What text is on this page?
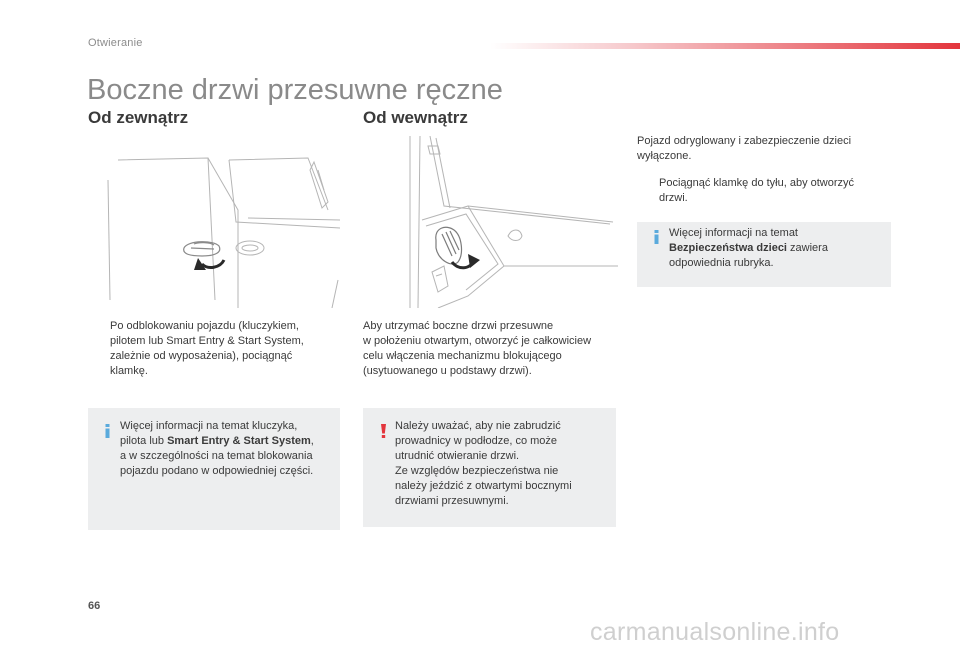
Otwieranie
Boczne drzwi przesuwne ręczne
Od zewnątrz	Od wewnątrz
Po odblokowaniu pojazdu (kluczykiem,
pilotem lub Smart Entry & Start System,
zależnie od wyposażenia), pociągnąć
klamkę.
Więcej informacji na temat kluczyka,
pilota lub Smart Entry & Start System,
a w szczególności na temat blokowania
pojazdu podano w odpowiedniej części.
Aby utrzymać boczne drzwi przesuwne
w położeniu otwartym, otworzyć je całkowiciew
celu włączenia mechanizmu blokującego
(usytuowanego u podstawy drzwi).
Należy uważać, aby nie zabrudzić
prowadnicy w podłodze, co może
utrudnić otwieranie drzwi.
Ze względów bezpieczeństwa nie
należy jeździć z otwartymi bocznymi
drzwiami przesuwnymi.
Pojazd odryglowany i zabezpieczenie dzieci
wyłączone.
Pociągnąć klamkę do tyłu, aby otworzyć
drzwi.
Więcej informacji na temat
Bezpieczeństwa dzieci zawiera
odpowiednia rubryka.
66
carmanualsonline.info
